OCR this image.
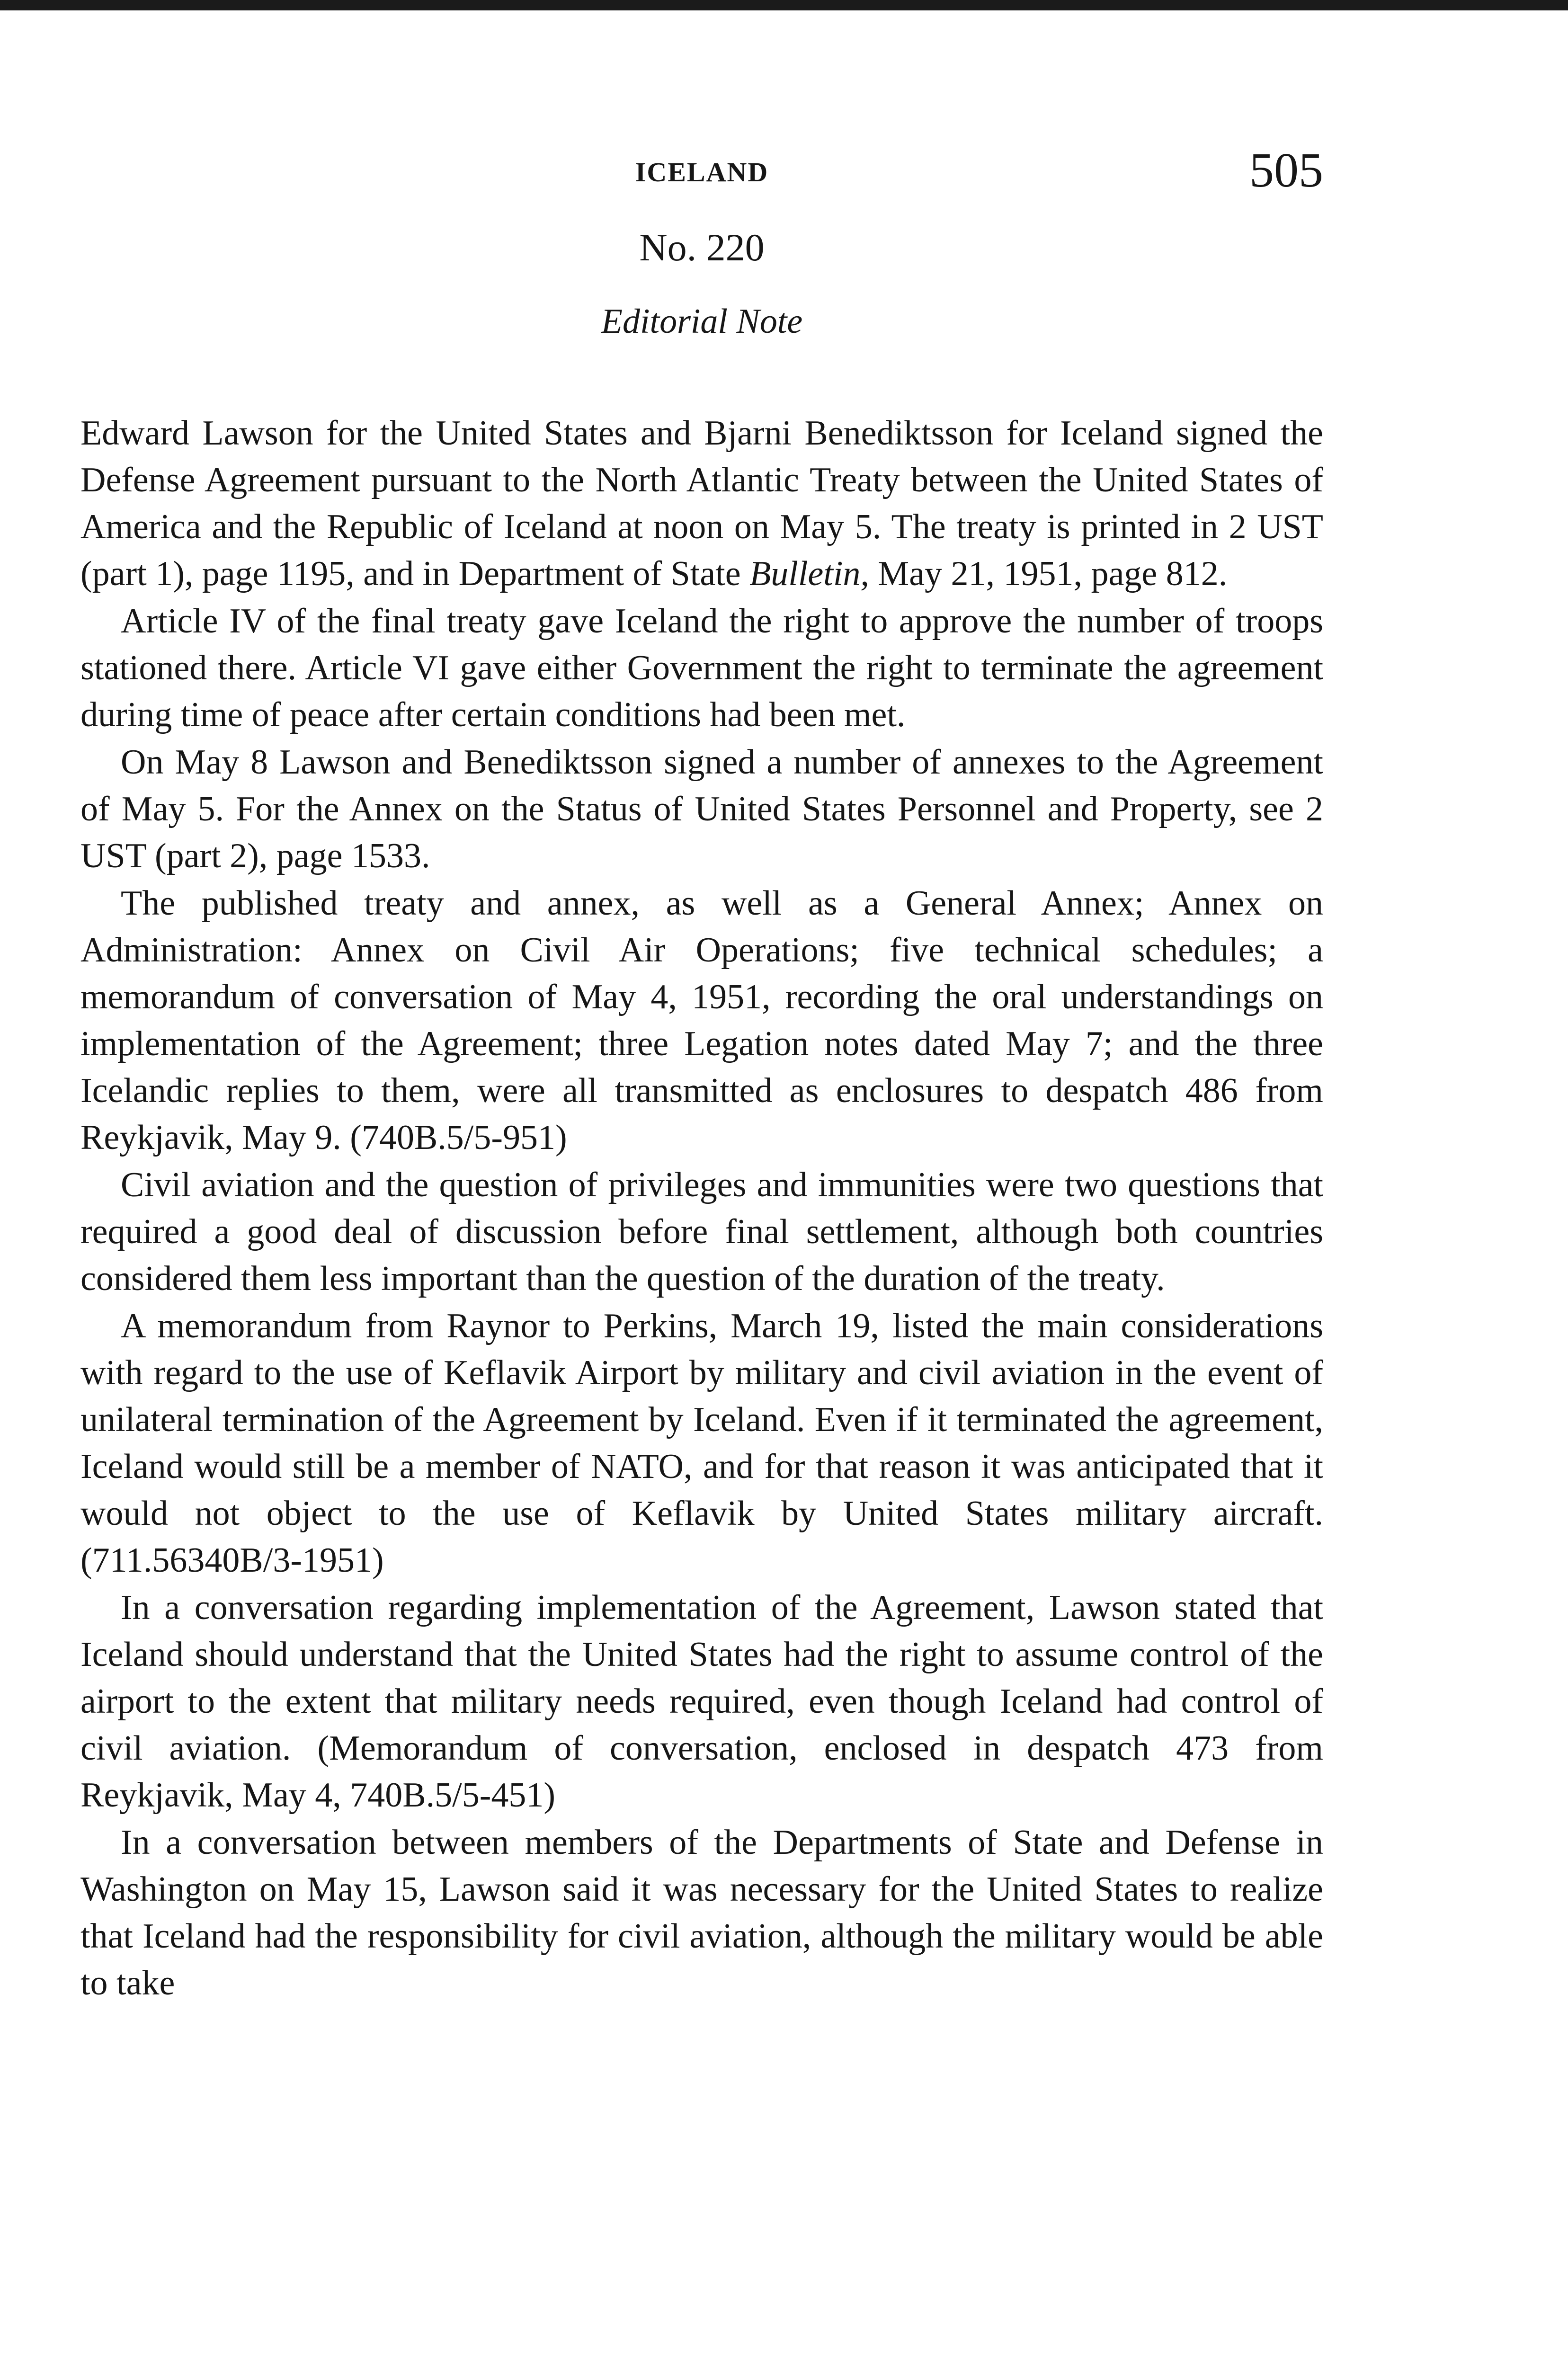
ICELAND	505
No. 220
Editorial Note

Edward Lawson for the United States and Bjarni Benediktsson for Iceland signed the Defense Agreement pursuant to the North Atlantic Treaty between the United States of America and the Republic of Iceland at noon on May 5. The treaty is printed in 2 UST (part 1), page 1195, and in Department of State Bulletin, May 21, 1951, page 812.

Article IV of the final treaty gave Iceland the right to approve the number of troops stationed there. Article VI gave either Government the right to terminate the agreement during time of peace after certain conditions had been met.

On May 8 Lawson and Benediktsson signed a number of annexes to the Agreement of May 5. For the Annex on the Status of United States Personnel and Property, see 2 UST (part 2), page 1533.

The published treaty and annex, as well as a General Annex; Annex on Administration: Annex on Civil Air Operations; five technical schedules; a memorandum of conversation of May 4, 1951, recording the oral understandings on implementation of the Agreement; three Legation notes dated May 7; and the three Icelandic replies to them, were all transmitted as enclosures to despatch 486 from Reykjavik, May 9. (740B.5/5-951)

Civil aviation and the question of privileges and immunities were two questions that required a good deal of discussion before final settlement, although both countries considered them less important than the question of the duration of the treaty.

A memorandum from Raynor to Perkins, March 19, listed the main considerations with regard to the use of Keflavik Airport by military and civil aviation in the event of unilateral termination of the Agreement by Iceland. Even if it terminated the agreement, Iceland would still be a member of NATO, and for that reason it was anticipated that it would not object to the use of Keflavik by United States military aircraft. (711.56340B/3-1951)

In a conversation regarding implementation of the Agreement, Lawson stated that Iceland should understand that the United States had the right to assume control of the airport to the extent that military needs required, even though Iceland had control of civil aviation. (Memorandum of conversation, enclosed in despatch 473 from Reykjavik, May 4, 740B.5/5-451)

In a conversation between members of the Departments of State and Defense in Washington on May 15, Lawson said it was necessary for the United States to realize that Iceland had the responsibility for civil aviation, although the military would be able to take
